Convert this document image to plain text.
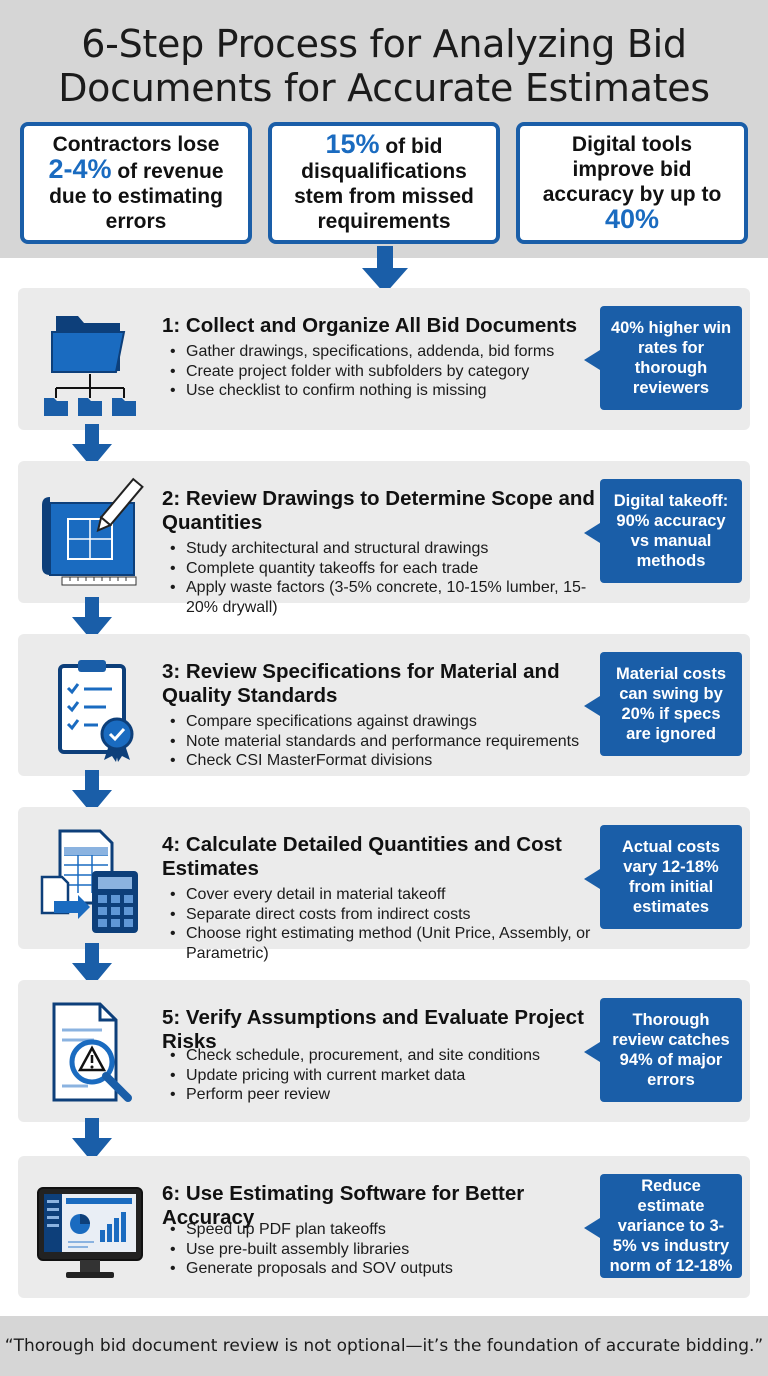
6-Step Process for Analyzing Bid
Documents for Accurate Estimates
Contractors lose
2-4% of revenue due to estimating errors
15% of bid disqualifications stem from missed requirements
Digital tools improve bid accuracy by up to 40%
1: Collect and Organize All Bid Documents
• Gather drawings, specifications, addenda, bid forms
• Create project folder with subfolders by category
• Use checklist to confirm nothing is missing
40% higher win rates for thorough reviewers
2: Review Drawings to Determine Scope and Quantities
• Study architectural and structural drawings
• Complete quantity takeoffs for each trade
• Apply waste factors (3-5% concrete, 10-15% lumber, 15-20% drywall)
Digital takeoff: 90% accuracy vs manual methods
3: Review Specifications for Material and Quality Standards
• Compare specifications against drawings
• Note material standards and performance requirements
• Check CSI MasterFormat divisions
Material costs can swing by 20% if specs are ignored
4: Calculate Detailed Quantities and Cost Estimates
• Cover every detail in material takeoff
• Separate direct costs from indirect costs
• Choose right estimating method (Unit Price, Assembly, or Parametric)
Actual costs vary 12-18% from initial estimates
5: Verify Assumptions and Evaluate Project Risks
• Check schedule, procurement, and site conditions
• Update pricing with current market data
• Perform peer review
Thorough review catches 94% of major errors
6: Use Estimating Software for Better Accuracy
• Speed up PDF plan takeoffs
• Use pre-built assembly libraries
• Generate proposals and SOV outputs
Reduce estimate variance to 3-5% vs industry norm of 12-18%
“Thorough bid document review is not optional—it’s the foundation of accurate bidding.”
